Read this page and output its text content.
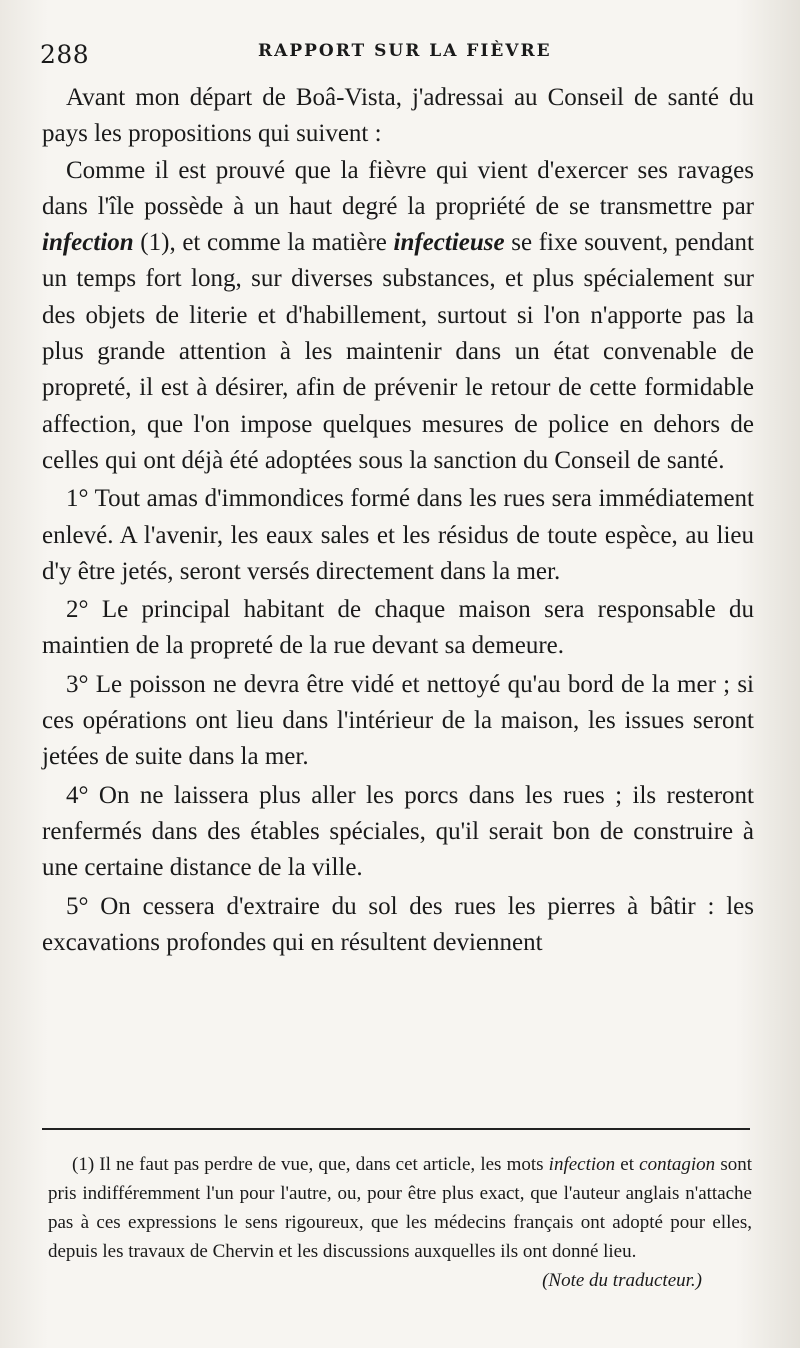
288	RAPPORT SUR LA FIÈVRE

Avant mon départ de Boâ-Vista, j'adressai au Conseil de santé du pays les propositions qui suivent :

Comme il est prouvé que la fièvre qui vient d'exercer ses ravages dans l'île possède à un haut degré la propriété de se transmettre par infection (1), et comme la matière infectieuse se fixe souvent, pendant un temps fort long, sur diverses substances, et plus spécialement sur des objets de literie et d'habillement, surtout si l'on n'apporte pas la plus grande attention à les maintenir dans un état convenable de propreté, il est à désirer, afin de prévenir le retour de cette formidable affection, que l'on impose quelques mesures de police en dehors de celles qui ont déjà été adoptées sous la sanction du Conseil de santé.

1° Tout amas d'immondices formé dans les rues sera immédiatement enlevé. A l'avenir, les eaux sales et les résidus de toute espèce, au lieu d'y être jetés, seront versés directement dans la mer.

2° Le principal habitant de chaque maison sera responsable du maintien de la propreté de la rue devant sa demeure.

3° Le poisson ne devra être vidé et nettoyé qu'au bord de la mer ; si ces opérations ont lieu dans l'intérieur de la maison, les issues seront jetées de suite dans la mer.

4° On ne laissera plus aller les porcs dans les rues ; ils resteront renfermés dans des étables spéciales, qu'il serait bon de construire à une certaine distance de la ville.

5° On cessera d'extraire du sol des rues les pierres à bâtir : les excavations profondes qui en résultent deviennent

(1) Il ne faut pas perdre de vue, que, dans cet article, les mots infection et contagion sont pris indifféremment l'un pour l'autre, ou, pour être plus exact, que l'auteur anglais n'attache pas à ces expressions le sens rigoureux, que les médecins français ont adopté pour elles, depuis les travaux de Chervin et les discussions auxquelles ils ont donné lieu.
(Note du traducteur.)
